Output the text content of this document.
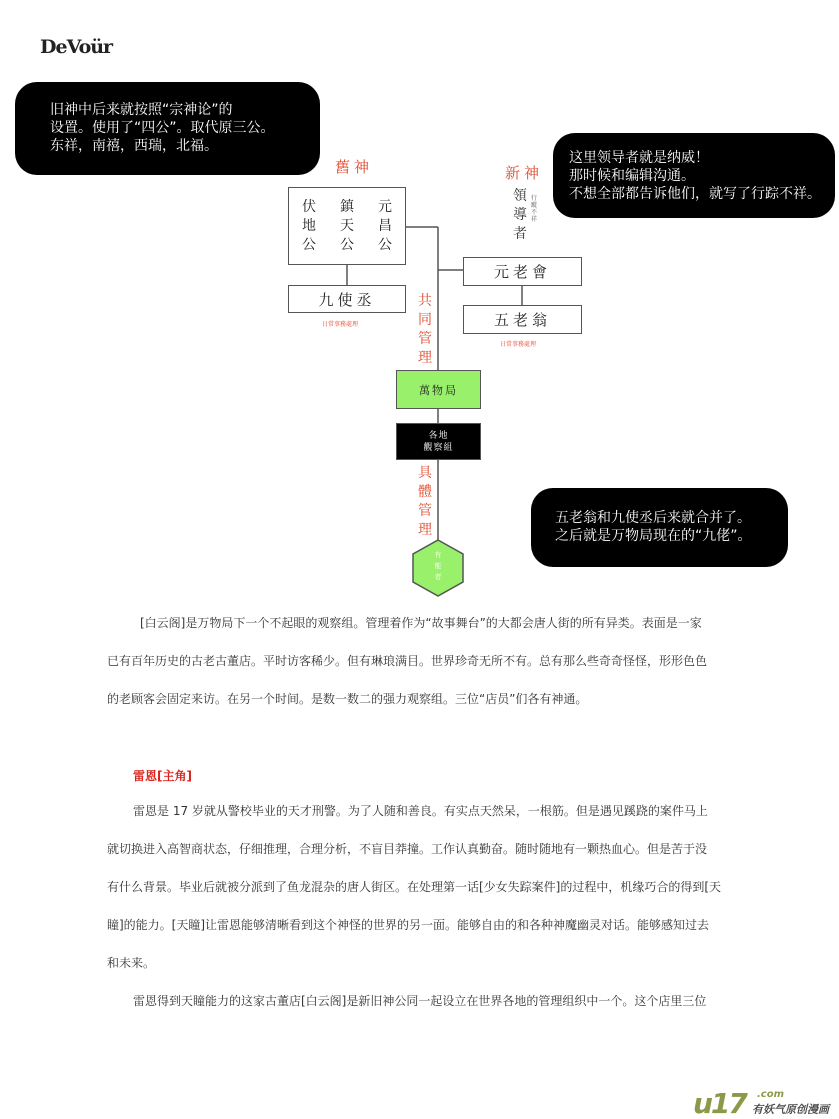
DeVoür
旧神中后来就按照“宗神论”的
设置。使用了“四公”。取代原三公。
东祥，南禧，西瑞，北福。
这里领导者就是纳威！
那时候和编辑沟通。
不想全部都告诉他们，就写了行踪不祥。
五老翁和九使丞后来就合并了。
之后就是万物局现在的“九佬”。
舊神	新神
伏
地
公
鎮
天
公
元
昌
公
九使丞
日常事務處理
領
導
者
行蹤不祥
元老會
五老翁
日常事務處理
共
同
管
理
萬物局
各地
觀察組
具
體
管
理
有
能
者
[白云阁]是万物局下一个不起眼的观察组。管理着作为“故事舞台”的大都会唐人街的所有异类。表面是一家
已有百年历史的古老古董店。平时访客稀少。但有琳琅满目。世界珍奇无所不有。总有那么些奇奇怪怪，形形色色
的老顾客会固定来访。在另一个时间。是数一数二的强力观察组。三位“店员”们各有神通。
雷恩[主角]
雷恩是 17 岁就从警校毕业的天才刑警。为了人随和善良。有实点天然呆，一根筋。但是遇见蹊跷的案件马上
就切换进入高智商状态，仔细推理，合理分析，不盲目莽撞。工作认真勤奋。随时随地有一颗热血心。但是苦于没
有什么背景。毕业后就被分派到了鱼龙混杂的唐人街区。在处理第一话[少女失踪案件]的过程中，机缘巧合的得到[天
瞳]的能力。[天瞳]让雷恩能够清晰看到这个神怪的世界的另一面。能够自由的和各种神魔幽灵对话。能够感知过去
和未来。
雷恩得到天瞳能力的这家古董店[白云阁]是新旧神公同一起设立在世界各地的管理组织中一个。这个店里三位
u17 .com
有妖气原创漫画
